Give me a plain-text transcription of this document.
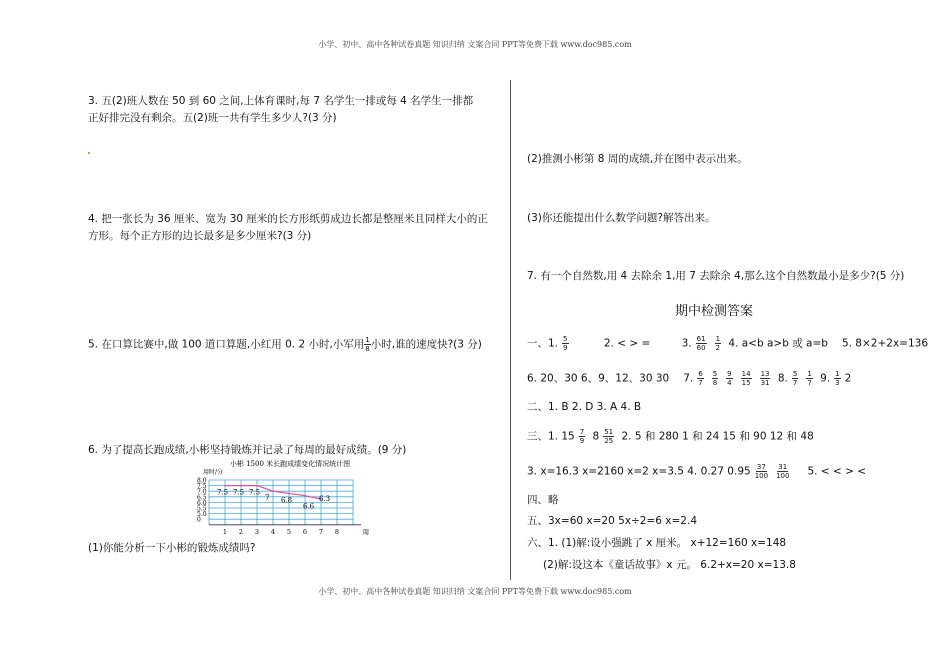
小学、初中、高中各种试卷真题 知识归纳 文案合同 PPT等免费下载 www.doc985.com
3. 五(2)班人数在 50 到 60 之间,上体育课时,每 7 名学生一排或每 4 名学生一排都
正好排完没有剩余。五(2)班一共有学生多少人?(3 分)
4. 把一张长为 36 厘米、宽为 30 厘米的长方形纸剪成边长都是整厘米且同样大小的正
方形。每个正方形的边长最多是多少厘米?(3 分)
5. 在口算比赛中,做 100 道口算题,小红用 0. 2 小时,小军用 $\frac{1}{8}$ 小时,谁的速度快?(3 分)
6. 为了提高长跑成绩,小彬坚持锻炼并记录了每周的最好成绩。(9 分)
小彬 1500 米长跑成绩变化情况统计图
用时/分
8.0
7.5
7.0
6.5
6.0
5.5
5.0
0
1 2 3 4 5 6 7 8	周
7.5 7.5 7.5
7 6.8
6.6
6.3
(1)你能分析一下小彬的锻炼成绩吗?
(2)推测小彬第 8 周的成绩,并在图中表示出来。
(3)你还能提出什么数学问题?解答出来。
7. 有一个自然数,用 4 去除余 1,用 7 去除余 4,那么这个自然数最小是多少?(5 分)
期中检测答案
一、1. $\frac{5}{9}$	2. < > =	3. $\frac{61}{60} \frac{1}{2} 4$. a<b a>b 或 a=b 5. 8×2+2x=136
6. 20、30 6、9、12、30 30 7. $\frac{6}{7} \frac{5}{8} \frac{9}{4} \frac{14}{15} \frac{13}{31} 8$. $\frac{5}{7} \frac{1}{7} 9$. $\frac{1}{3} 2$
二、1. B 2. D 3. A 4. B
三、1. $15 \frac{7}{9} 8 \frac{51}{25} 2$. 5 和 280 1 和 24 15 和 90 12 和 48
3. x=16.3 x=2160 x=2 x=3.5 4. 0.27 $0.95 \frac{37}{100} \frac{31}{100} 5$. < < > <
四、略
五、3x=60 x=20 5x÷2=6 x=2.4
六、1. (1)解:设小强跳了 x 厘米。 x+12=160 x=148
(2)解:设这本《童话故事》x 元。 6.2+x=20 x=13.8
小学、初中、高中各种试卷真题 知识归纳 文案合同 PPT等免费下载 www.doc985.com
